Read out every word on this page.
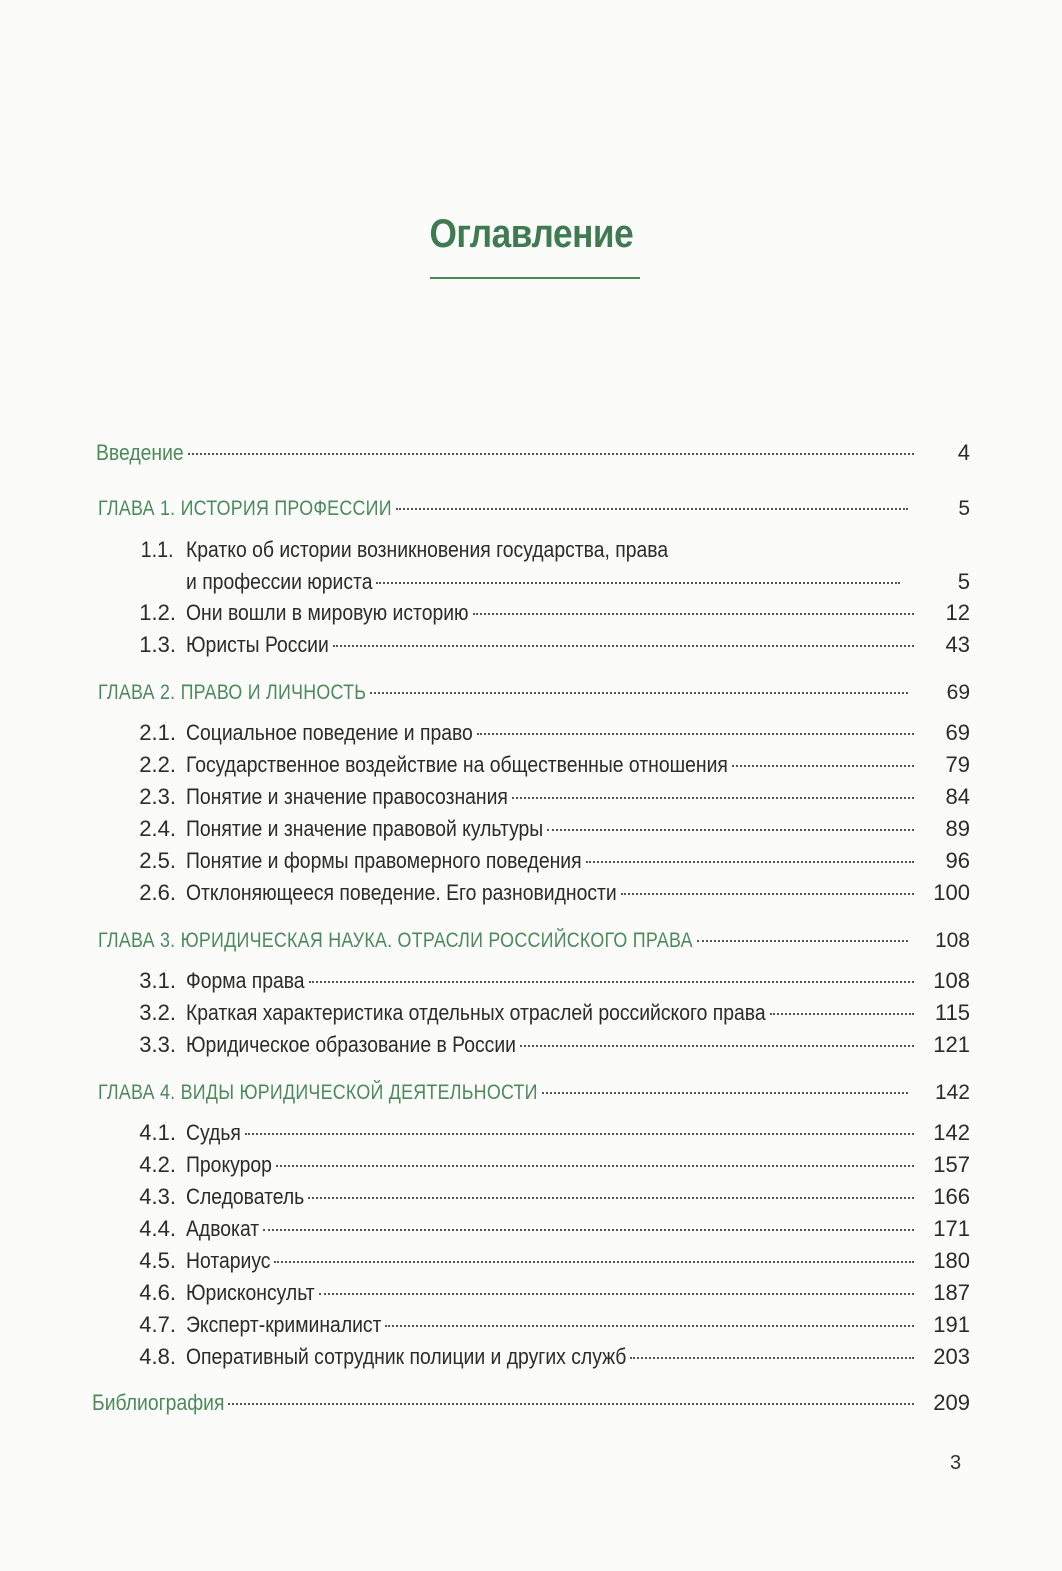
Оглавление
Введение	4
ГЛАВА 1. ИСТОРИЯ ПРОФЕССИИ	5
1.1. Кратко об истории возникновения государства, права
и профессии юриста	5
1.2. Они вошли в мировую историю	12
1.3. Юристы России	43
ГЛАВА 2. ПРАВО И ЛИЧНОСТЬ	69
2.1. Социальное поведение и право	69
2.2. Государственное воздействие на общественные отношения	79
2.3. Понятие и значение правосознания	84
2.4. Понятие и значение правовой культуры	89
2.5. Понятие и формы правомерного поведения	96
2.6. Отклоняющееся поведение. Его разновидности	100
ГЛАВА 3. ЮРИДИЧЕСКАЯ НАУКА. ОТРАСЛИ РОССИЙСКОГО ПРАВА	108
3.1. Форма права	108
3.2. Краткая характеристика отдельных отраслей российского права	115
3.3. Юридическое образование в России	121
ГЛАВА 4. ВИДЫ ЮРИДИЧЕСКОЙ ДЕЯТЕЛЬНОСТИ	142
4.1. Судья	142
4.2. Прокурор	157
4.3. Следователь	166
4.4. Адвокат	171
4.5. Нотариус	180
4.6. Юрисконсульт	187
4.7. Эксперт-криминалист	191
4.8. Оперативный сотрудник полиции и других служб	203
Библиография	209
3
